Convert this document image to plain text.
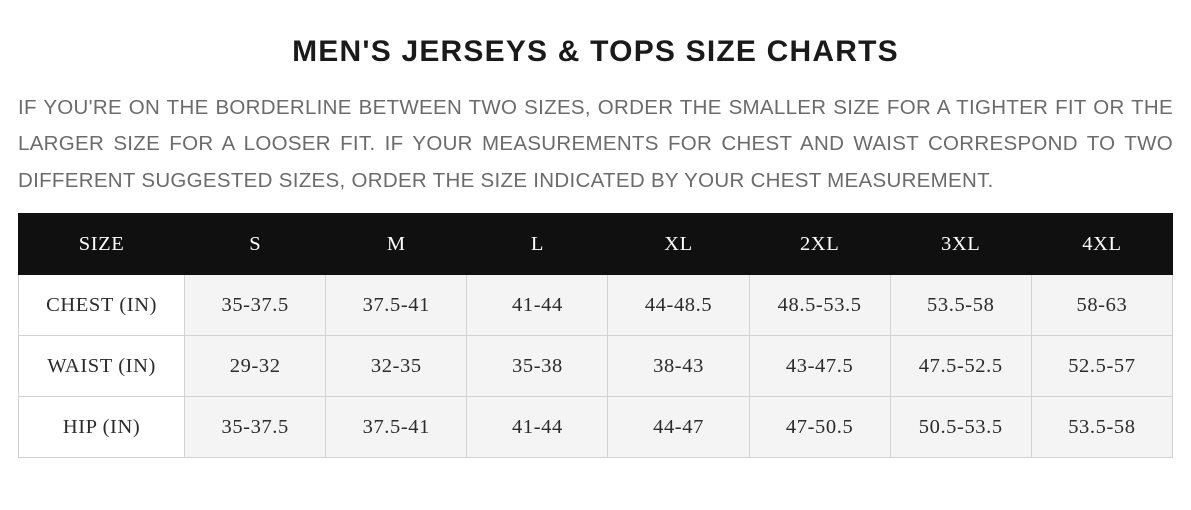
MEN'S JERSEYS & TOPS SIZE CHARTS
IF YOU'RE ON THE BORDERLINE BETWEEN TWO SIZES, ORDER THE SMALLER SIZE FOR A TIGHTER FIT OR THE LARGER SIZE FOR A LOOSER FIT. IF YOUR MEASUREMENTS FOR CHEST AND WAIST CORRESPOND TO TWO DIFFERENT SUGGESTED SIZES, ORDER THE SIZE INDICATED BY YOUR CHEST MEASUREMENT.
SIZE	S	M	L	XL	2XL	3XL	4XL
CHEST (IN)	35-37.5	37.5-41	41-44	44-48.5	48.5-53.5	53.5-58	58-63
WAIST (IN)	29-32	32-35	35-38	38-43	43-47.5	47.5-52.5	52.5-57
HIP (IN)	35-37.5	37.5-41	41-44	44-47	47-50.5	50.5-53.5	53.5-58
